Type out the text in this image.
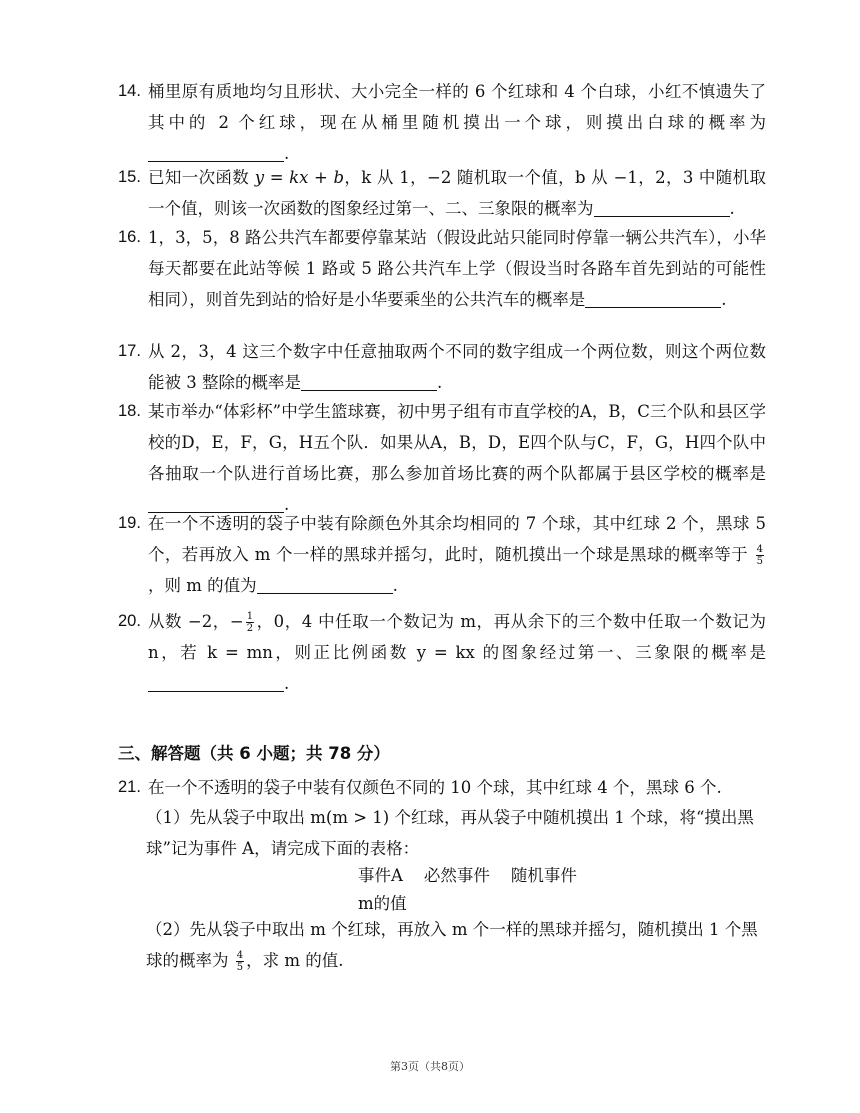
14. 桶里原有质地均匀且形状、大小完全一样的 6 个红球和 4 个白球，小红不慎遗失了其中的 2 个红球，现在从桶里随机摸出一个球，则摸出白球的概率为.
15. 已知一次函数 y = kx + b，k 从 1，−2 随机取一个值，b 从 −1，2，3 中随机取一个值，则该一次函数的图象经过第一、二、三象限的概率为	.
16. 1，3，5，8 路公共汽车都要停靠某站（假设此站只能同时停靠一辆公共汽车），小华每天都要在此站等候 1 路或 5 路公共汽车上学（假设当时各路车首先到站的可能性相同），则首先到站的恰好是小华要乘坐的公共汽车的概率是	.
17. 从 2，3，4 这三个数字中任意抽取两个不同的数字组成一个两位数，则这个两位数能被 3 整除的概率是	.
18. 某市举办“体彩杯”中学生篮球赛，初中男子组有市直学校的A，B，C三个队和县区学校的D，E，F，G，H五个队．如果从A，B，D，E四个队与C，F，G，H四个队中各抽取一个队进行首场比赛，那么参加首场比赛的两个队都属于县区学校的概率是.
19. 在一个不透明的袋子中装有除颜色外其余均相同的 7 个球，其中红球 2 个，黑球 5 个，若再放入 m 个一样的黑球并摇匀，此时，随机摸出一个球是黑球的概率等于 $\frac{4}{5}$
，则 m 的值为	.
20. 从数 −2，− $\frac{1}{2}$ ，0，4 中任取一个数记为 m，再从余下的三个数中任取一个数记为 n，若 k = mn，则正比例函数 y = kx 的图象经过第一、三象限的概率是.
三、解答题（共 6 小题；共 78 分）
21. 在一个不透明的袋子中装有仅颜色不同的 10 个球，其中红球 4 个，黑球 6 个.
（1）先从袋子中取出 m(m > 1) 个红球，再从袋子中随机摸出 1 个球，将“摸出黑球”记为事件 A，请完成下面的表格：
事件A 必然事件 随机事件
m的值
（2）先从袋子中取出 m 个红球，再放入 m 个一样的黑球并摇匀，随机摸出 1 个黑球的概率为 $\frac{4}{5}$ ，求 m 的值.
第3页（共8页）
